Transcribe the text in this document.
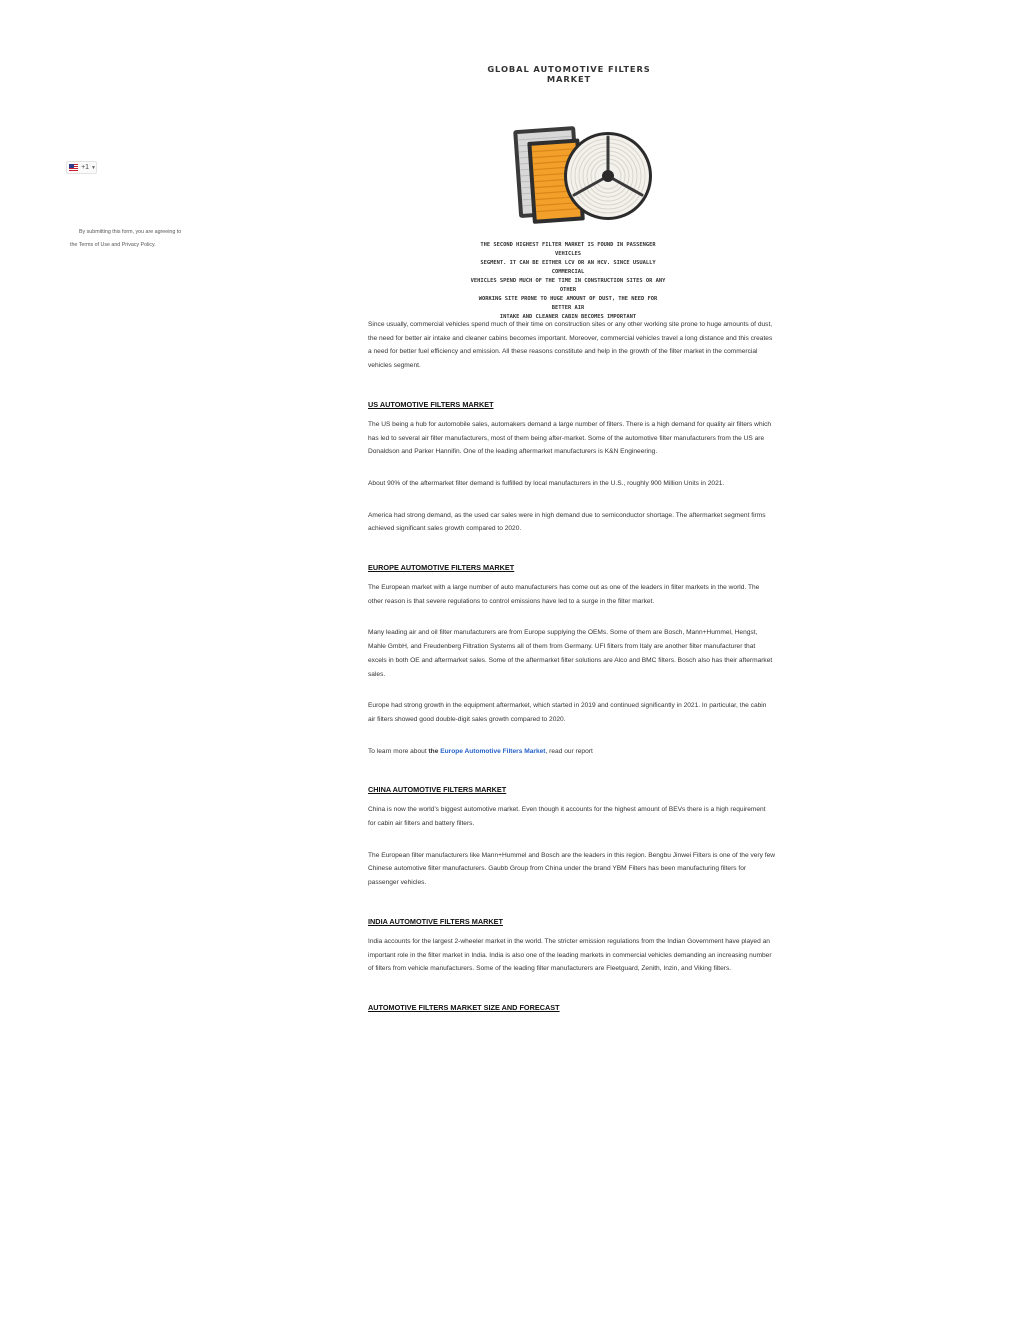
+1 ▼
By submitting this form, you are agreeing to
the Terms of Use and Privacy Policy.
GLOBAL AUTOMOTIVE FILTERS
MARKET
THE SECOND HIGHEST FILTER MARKET IS FOUND IN PASSENGER VEHICLES
SEGMENT. IT CAN BE EITHER LCV OR AN HCV. SINCE USUALLY COMMERCIAL
VEHICLES SPEND MUCH OF THE TIME IN CONSTRUCTION SITES OR ANY OTHER
WORKING SITE PRONE TO HUGE AMOUNT OF DUST, THE NEED FOR BETTER AIR
INTAKE AND CLEANER CABIN BECOMES IMPORTANT

Since usually, commercial vehicles spend much of their time on construction sites or any other working site prone to huge amounts of dust, the need for better air intake and cleaner cabins becomes important. Moreover, commercial vehicles travel a long distance and this creates a need for better fuel efficiency and emission. All these reasons constitute and help in the growth of the filter market in the commercial vehicles segment.

US AUTOMOTIVE FILTERS MARKET

The US being a hub for automobile sales, automakers demand a large number of filters. There is a high demand for quality air filters which has led to several air filter manufacturers, most of them being after-market. Some of the automotive filter manufacturers from the US are Donaldson and Parker Hannifin. One of the leading aftermarket manufacturers is K&N Engineering.

About 90% of the aftermarket filter demand is fulfilled by local manufacturers in the U.S., roughly 900 Million Units in 2021.

America had strong demand, as the used car sales were in high demand due to semiconductor shortage. The aftermarket segment firms achieved significant sales growth compared to 2020.

EUROPE AUTOMOTIVE FILTERS MARKET

The European market with a large number of auto manufacturers has come out as one of the leaders in filter markets in the world. The other reason is that severe regulations to control emissions have led to a surge in the filter market.

Many leading air and oil filter manufacturers are from Europe supplying the OEMs. Some of them are Bosch, Mann+Hummel, Hengst, Mahle GmbH, and Freudenberg Filtration Systems all of them from Germany. UFI filters from Italy are another filter manufacturer that excels in both OE and aftermarket sales. Some of the aftermarket filter solutions are Alco and BMC filters. Bosch also has their aftermarket sales.

Europe had strong growth in the equipment aftermarket, which started in 2019 and continued significantly in 2021. In particular, the cabin air filters showed good double-digit sales growth compared to 2020.

To learn more about the Europe Automotive Filters Market, read our report

CHINA AUTOMOTIVE FILTERS MARKET

China is now the world’s biggest automotive market. Even though it accounts for the highest amount of BEVs there is a high requirement for cabin air filters and battery filters.

The European filter manufacturers like Mann+Hummel and Bosch are the leaders in this region. Bengbu Jinwei Filters is one of the very few Chinese automotive filter manufacturers. Gaubb Group from China under the brand YBM Filters has been manufacturing filters for passenger vehicles.

INDIA AUTOMOTIVE FILTERS MARKET

India accounts for the largest 2-wheeler market in the world. The stricter emission regulations from the Indian Government have played an important role in the filter market in India. India is also one of the leading markets in commercial vehicles demanding an increasing number of filters from vehicle manufacturers. Some of the leading filter manufacturers are Fleetguard, Zenith, Inzin, and Viking filters.

AUTOMOTIVE FILTERS MARKET SIZE AND FORECAST
